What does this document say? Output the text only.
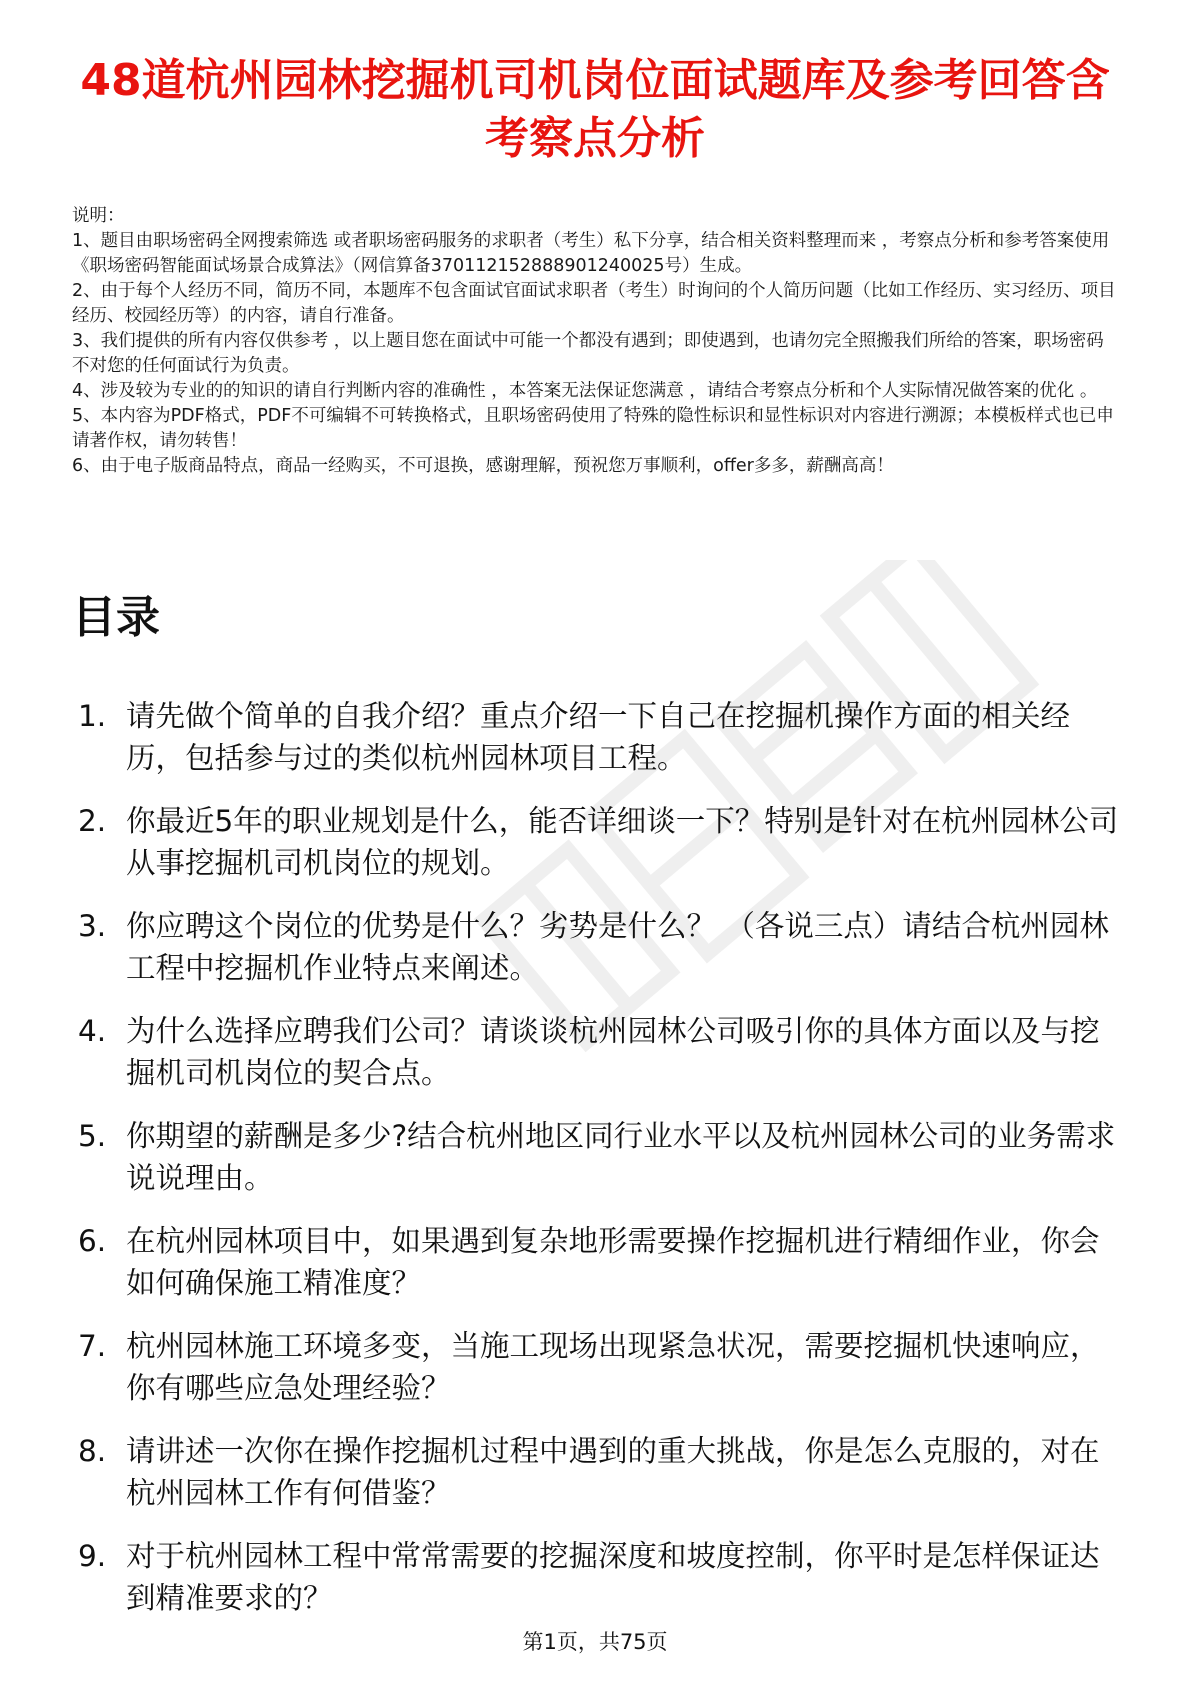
48道杭州园林挖掘机司机岗位面试题库及参考回答含考察点分析

说明：

1、题目由职场密码全网搜索筛选 或者职场密码服务的求职者（考生）私下分享，结合相关资料整理而来 ，考察点分析和参考答案使用《职场密码智能面试场景合成算法》（网信算备370112152888901240025号）生成。

2、由于每个人经历不同，简历不同，本题库不包含面试官面试求职者（考生）时询问的个人简历问题（比如工作经历、实习经历、项目经历、校园经历等）的内容，请自行准备。

3、我们提供的所有内容仅供参考 ，以上题目您在面试中可能一个都没有遇到；即使遇到，也请勿完全照搬我们所给的答案，职场密码不对您的任何面试行为负责。

4、涉及较为专业的的知识的请自行判断内容的准确性 ，本答案无法保证您满意 ，请结合考察点分析和个人实际情况做答案的优化 。

5、本内容为PDF格式，PDF不可编辑不可转换格式，且职场密码使用了特殊的隐性标识和显性标识对内容进行溯源；本模板样式也已申请著作权，请勿转售！

6、由于电子版商品特点，商品一经购买，不可退换，感谢理解，预祝您万事顺利，offer多多，薪酬高高！

目录
1. 请先做个简单的自我介绍？重点介绍一下自己在挖掘机操作方面的相关经历，包括参与过的类似杭州园林项目工程。
2. 你最近5年的职业规划是什么，能否详细谈一下？特别是针对在杭州园林公司从事挖掘机司机岗位的规划。
3. 你应聘这个岗位的优势是什么？劣势是什么？ （各说三点）请结合杭州园林工程中挖掘机作业特点来阐述。
4. 为什么选择应聘我们公司？请谈谈杭州园林公司吸引你的具体方面以及与挖掘机司机岗位的契合点。
5. 你期望的薪酬是多少?结合杭州地区同行业水平以及杭州园林公司的业务需求说说理由。
6. 在杭州园林项目中，如果遇到复杂地形需要操作挖掘机进行精细作业，你会如何确保施工精准度？
7. 杭州园林施工环境多变，当施工现场出现紧急状况，需要挖掘机快速响应，你有哪些应急处理经验？
8. 请讲述一次你在操作挖掘机过程中遇到的重大挑战，你是怎么克服的，对在杭州园林工作有何借鉴？
9. 对于杭州园林工程中常常需要的挖掘深度和坡度控制，你平时是怎样保证达到精准要求的？
第1页，共75页
